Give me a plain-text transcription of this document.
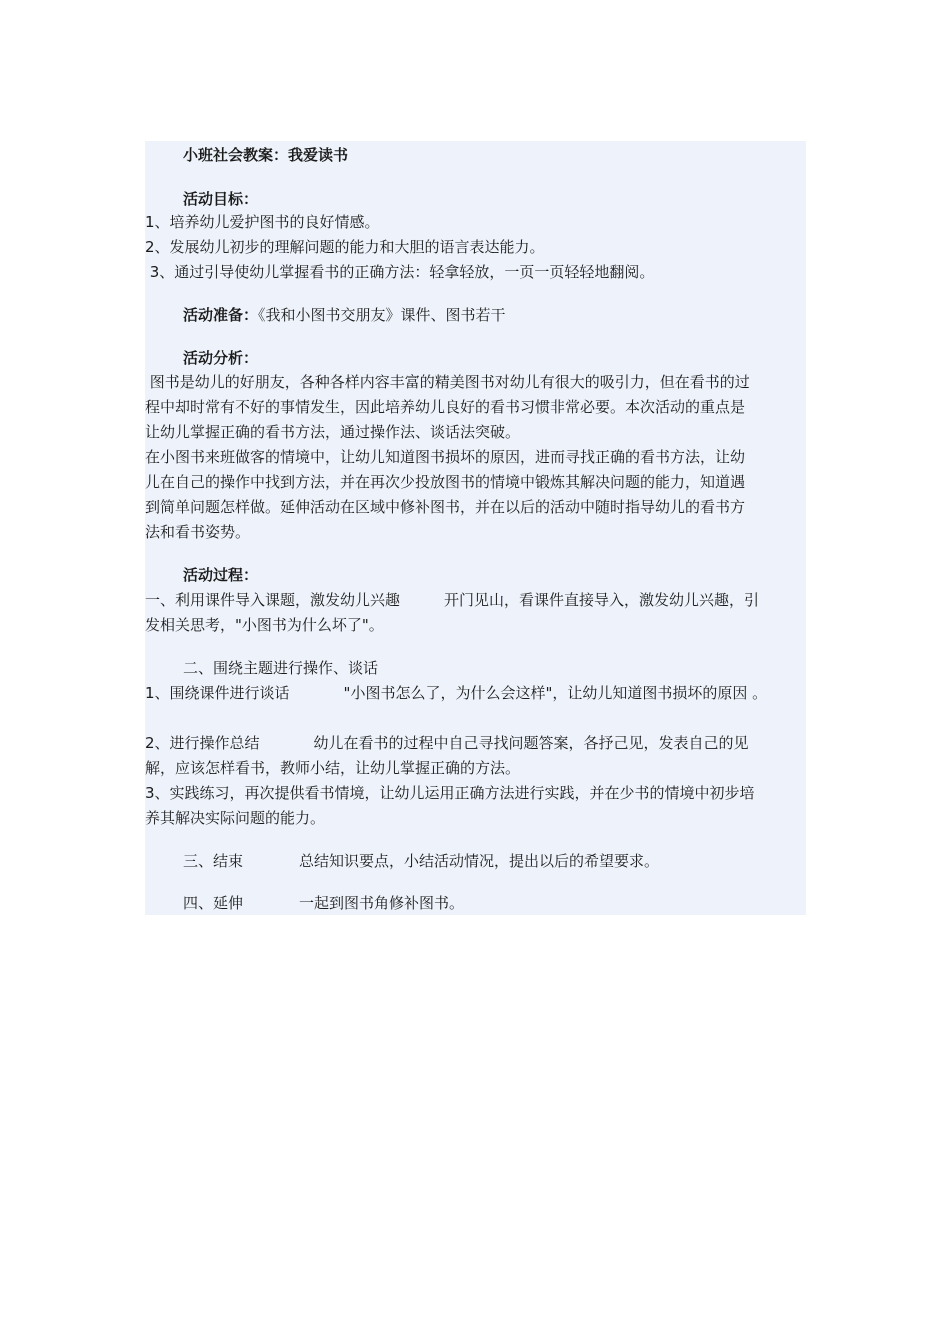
小班社会教案：我爱读书
活动目标：
1、培养幼儿爱护图书的良好情感。
2、发展幼儿初步的理解问题的能力和大胆的语言表达能力。
3、通过引导使幼儿掌握看书的正确方法：轻拿轻放，一页一页轻轻地翻阅。
活动准备：《我和小图书交朋友》课件、图书若干
活动分析：
图书是幼儿的好朋友，各种各样内容丰富的精美图书对幼儿有很大的吸引力，但在看书的过
程中却时常有不好的事情发生，因此培养幼儿良好的看书习惯非常必要。本次活动的重点是
让幼儿掌握正确的看书方法，通过操作法、谈话法突破。
在小图书来班做客的情境中，让幼儿知道图书损坏的原因，进而寻找正确的看书方法，让幼
儿在自己的操作中找到方法，并在再次少投放图书的情境中锻炼其解决问题的能力，知道遇
到简单问题怎样做。延伸活动在区域中修补图书，并在以后的活动中随时指导幼儿的看书方
法和看书姿势。
活动过程：
一、利用课件导入课题，激发幼儿兴趣	开门见山，看课件直接导入，激发幼儿兴趣，引
发相关思考，"小图书为什么坏了"。
二、围绕主题进行操作、谈话
1、围绕课件进行谈话	"小图书怎么了，为什么会这样"，让幼儿知道图书损坏的原因 。
2、进行操作总结	幼儿在看书的过程中自己寻找问题答案，各抒己见，发表自己的见
解，应该怎样看书，教师小结，让幼儿掌握正确的方法。
3、实践练习，再次提供看书情境，让幼儿运用正确方法进行实践，并在少书的情境中初步培
养其解决实际问题的能力。
三、结束	总结知识要点，小结活动情况，提出以后的希望要求。
四、延伸	一起到图书角修补图书。
